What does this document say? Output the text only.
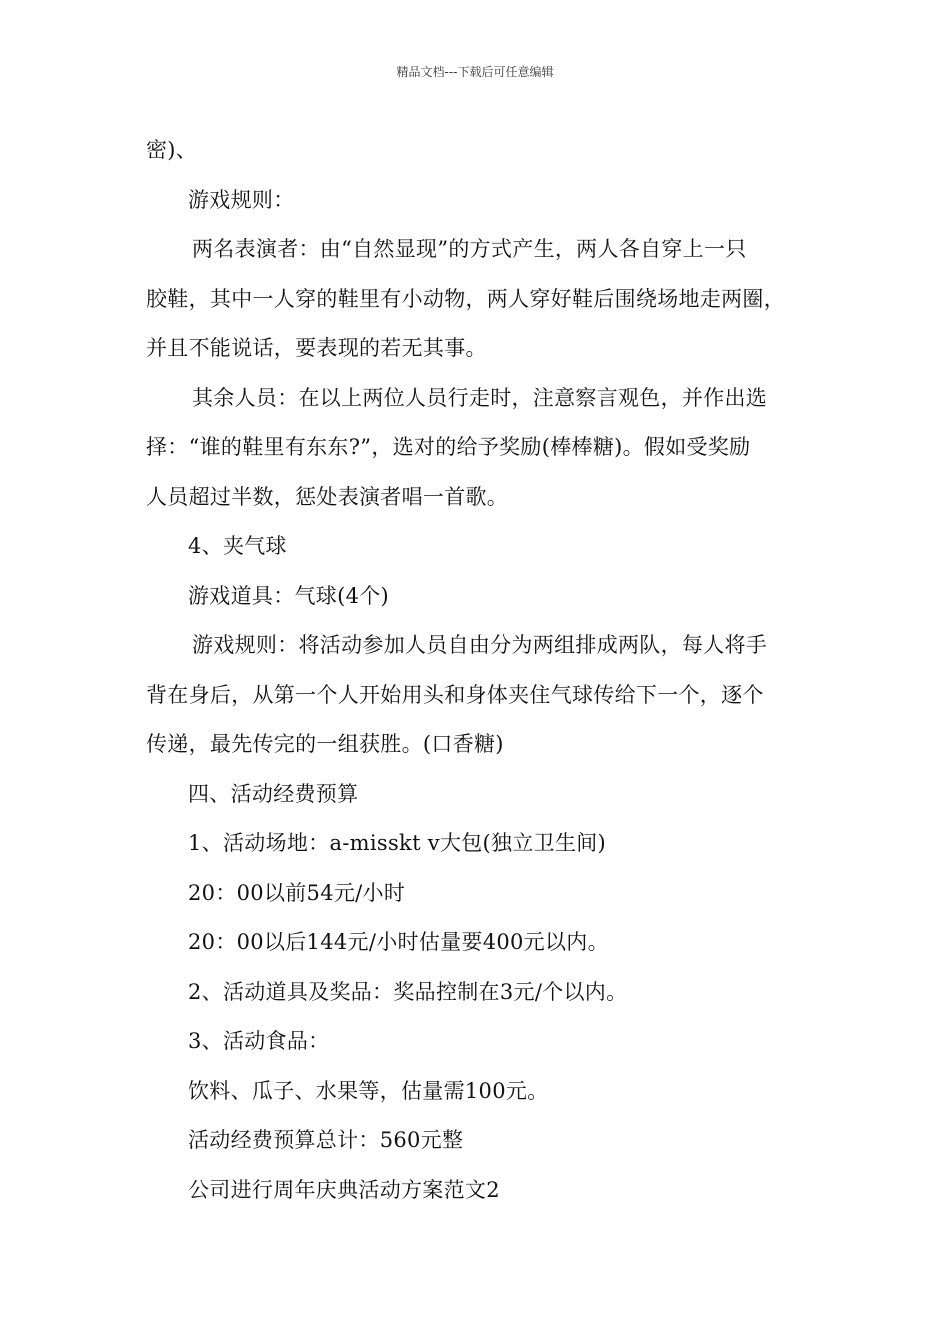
精品文档---下载后可任意编辑

密)、

游戏规则：

两名表演者：由“自然显现”的方式产生，两人各自穿上一只

胶鞋，其中一人穿的鞋里有小动物，两人穿好鞋后围绕场地走两圈，

并且不能说话，要表现的若无其事。

其余人员：在以上两位人员行走时，注意察言观色，并作出选

择：“谁的鞋里有东东?”，选对的给予奖励(棒棒糖)。假如受奖励

人员超过半数，惩处表演者唱一首歌。

4、夹气球

游戏道具：气球(4个)

游戏规则：将活动参加人员自由分为两组排成两队，每人将手

背在身后，从第一个人开始用头和身体夹住气球传给下一个，逐个

传递，最先传完的一组获胜。(口香糖)

四、活动经费预算

1、活动场地：a-misskt v大包(独立卫生间)

20：00以前54元/小时

20：00以后144元/小时估量要400元以内。

2、活动道具及奖品：奖品控制在3元/个以内。

3、活动食品：

饮料、瓜子、水果等，估量需100元。

活动经费预算总计：560元整

公司进行周年庆典活动方案范文2
